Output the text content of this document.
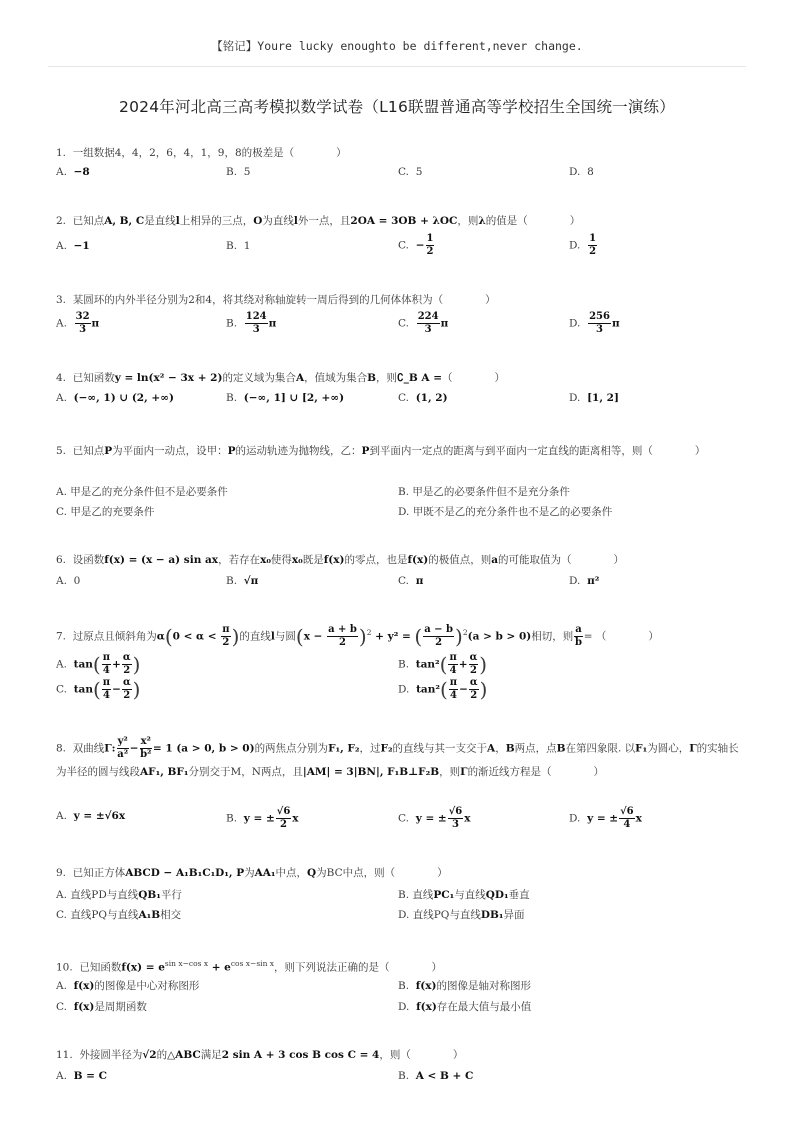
【铭记】Youre lucky enoughto be different,never change.
2024年河北高三高考模拟数学试卷（L16联盟普通高等学校招生全国统一演练）
1. 一组数据4，4，2，6，4，1，9，8的极差是（　　　　）
A. −8	B. 5	C. 5	D. 8
2. 已知点A, B, C是直线l上相异的三点，O为直线l外一点，且2OA = 3OB + λOC，则λ的值是（　　　　）
A. −1	B. 1	C. − $\frac{1}{2}$	D. $\frac{1}{2}$
3. 某圆环的内外半径分别为2和4，将其绕对称轴旋转一周后得到的几何体体积为（　　　　）
A. $\frac{32}{3}$ π	B. $\frac{124}{3}$ π	C. $\frac{224}{3}$ π	D. $\frac{256}{3}$ π
4. 已知函数y = ln(x² − 3x + 2)的定义域为集合A，值域为集合B，则∁_B A =（　　　　）
A. (−∞, 1) ∪ (2, +∞)	B. (−∞, 1] ∪ [2, +∞)	C. (1, 2)	D. [1, 2]
5. 已知点P为平面内一动点，设甲：P的运动轨迹为抛物线，乙：P到平面内一定点的距离与到平面内一定直线的距离相等，则（　　　　）
A. 甲是乙的充分条件但不是必要条件	B. 甲是乙的必要条件但不是充分条件
C. 甲是乙的充要条件	D. 甲既不是乙的充分条件也不是乙的必要条件
6. 设函数f(x) = (x − a) sin ax，若存在x₀使得x₀既是f(x)的零点，也是f(x)的极值点，则a的可能取值为（　　　　）
A. 0	B. √π	C. π	D. π²
7. 过原点且倾斜角为$\alpha(0 < \alpha < \frac{\pi}{2}$ )的直线l与圆$(x - \frac{a + b}{2} )^2 + y^2$ = ( $\frac{a - b}{2} )^2(a > b > 0)$相切，则 $\frac{a}{b}$ = （　　　　）
A. $\tan( \frac{\pi}{4} + \frac{\alpha}{2}$ )	B. $\tan^2( \frac{\pi}{4} + \frac{\alpha}{2}$ )
C. $\tan( \frac{\pi}{4} - \frac{\alpha}{2}$ )	D. $\tan^2( \frac{\pi}{4} - \frac{\alpha}{2}$ )
8. 双曲线Γ: $\frac{\text{y²}}{\text{a²}} - \frac{\text{x²}}{\text{b²}} = 1$ (a > 0, b > 0)的两焦点分别为F₁, F₂，过F₂的直线与其一支交于A，B两点，点B在第四象限. 以F₁为圆心，Γ的实轴长为半径的圆与线段AF₁, BF₁分别交于M，N两点，且|AM| = 3|BN|, F₁B⊥F₂B，则Γ的渐近线方程是（　　　　）
A. y = ±√6x	B. y = ± $\frac{√6}{2}$ x	C. y = ± $\frac{√6}{3}$ x	D. y = ± $\frac{√6}{4}$ x
9. 已知正方体ABCD − A₁B₁C₁D₁, P为AA₁中点，Q为BC中点，则（　　　　）
A. 直线PD与直线QB₁平行	B. 直线PC₁与直线QD₁垂直
C. 直线PQ与直线A₁B相交	D. 直线PQ与直线DB₁异面
10. 已知函数$f(x) = e^{sin x-cos x} + e^{cos x-sin x}$，则下列说法正确的是（　　　　）
A. f(x)的图像是中心对称图形	B. f(x)的图像是轴对称图形
C. f(x)是周期函数	D. f(x)存在最大值与最小值
11. 外接圆半径为√2的△ABC满足2 sin A + 3 cos B cos C = 4，则（　　　　）
A. B = C	B. A < B + C
